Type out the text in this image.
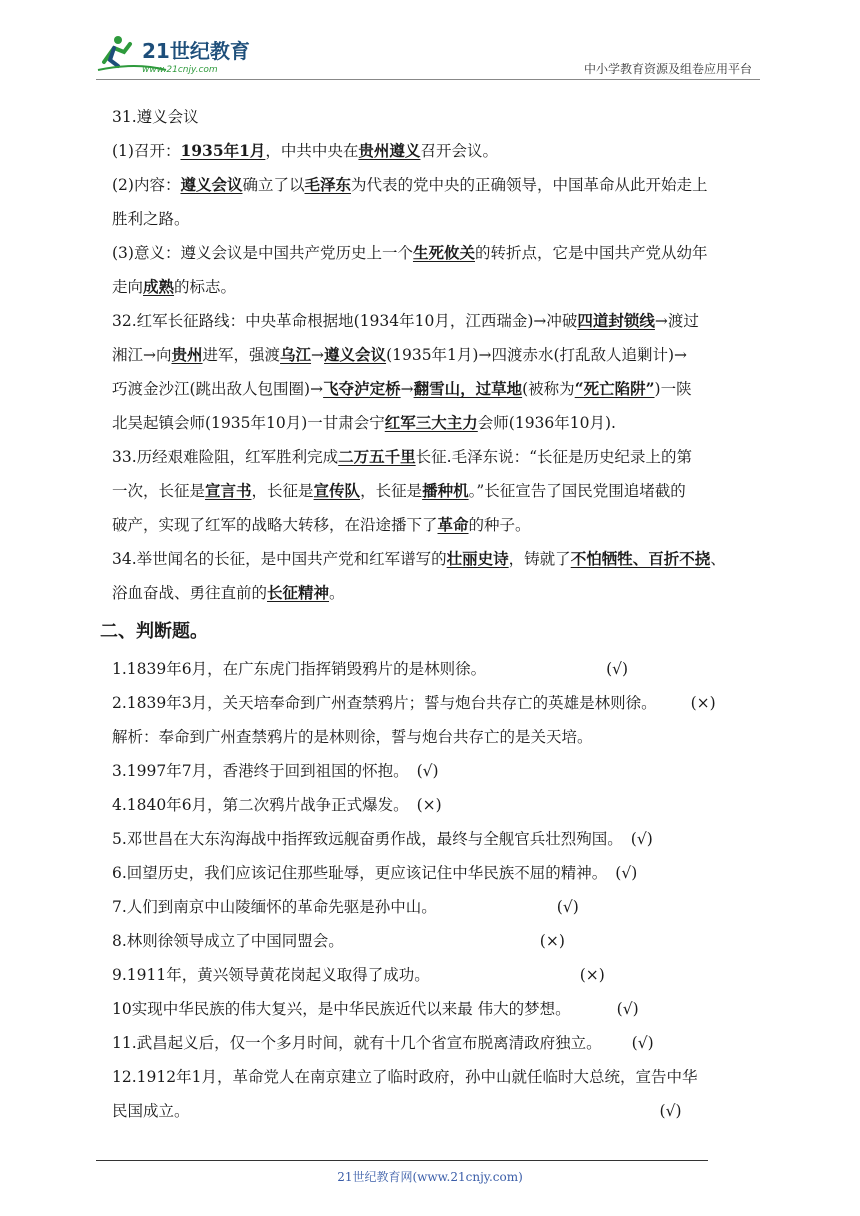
21世纪教育
www.21cnjy.com	中小学教育资源及组卷应用平台

31.遵义会议

(1)召开：1935年1月，中共中央在贵州遵义召开会议。

(2)内容：遵义会议确立了以毛泽东为代表的党中央的正确领导，中国革命从此开始走上

胜利之路。

(3)意义：遵义会议是中国共产党历史上一个生死攸关的转折点，它是中国共产党从幼年

走向成熟的标志。

32.红军长征路线：中央革命根据地(1934年10月，江西瑞金)→冲破四道封锁线→渡过

湘江→向贵州进军，强渡乌江→遵义会议(1935年1月)→四渡赤水(打乱敌人追剿计)→

巧渡金沙江(跳出敌人包围圈)→飞夺泸定桥→翻雪山，过草地(被称为“死亡陷阱”)一陕

北吴起镇会师(1935年10月)一甘肃会宁红军三大主力会师(1936年10月).

33.历经艰难险阻，红军胜利完成二万五千里长征.毛泽东说：“长征是历史纪录上的第

一次，长征是宣言书，长征是宣传队，长征是播种机。”长征宣告了国民党围追堵截的

破产，实现了红军的战略大转移，在沿途播下了革命的种子。

34.举世闻名的长征，是中国共产党和红军谱写的壮丽史诗，铸就了不怕牺牲、百折不挠、

浴血奋战、勇往直前的长征精神。

二、判断题。

1.1839年6月，在广东虎门指挥销毁鸦片的是林则徐。	(√)

2.1839年3月，关天培奉命到广州查禁鸦片；誓与炮台共存亡的英雄是林则徐。 (×)

解析：奉命到广州查禁鸦片的是林则徐，誓与炮台共存亡的是关天培。

3.1997年7月，香港终于回到祖国的怀抱。 (√)

4.1840年6月，第二次鸦片战争正式爆发。 (×)

5.邓世昌在大东沟海战中指挥致远舰奋勇作战，最终与全舰官兵壮烈殉国。 (√)

6.回望历史，我们应该记住那些耻辱，更应该记住中华民族不屈的精神。 (√)

7.人们到南京中山陵缅怀的革命先驱是孙中山。	(√)

8.林则徐领导成立了中国同盟会。	(×)

9.1911年，黄兴领导黄花岗起义取得了成功。	(×)

10实现中华民族的伟大复兴，是中华民族近代以来最 伟大的梦想。	(√)

11.武昌起义后，仅一个多月时间，就有十几个省宣布脱离清政府独立。 (√)

12.1912年1月，革命党人在南京建立了临时政府，孙中山就任临时大总统，宣告中华

民国成立。	(√)

21世纪教育网(www.21cnjy.com)
